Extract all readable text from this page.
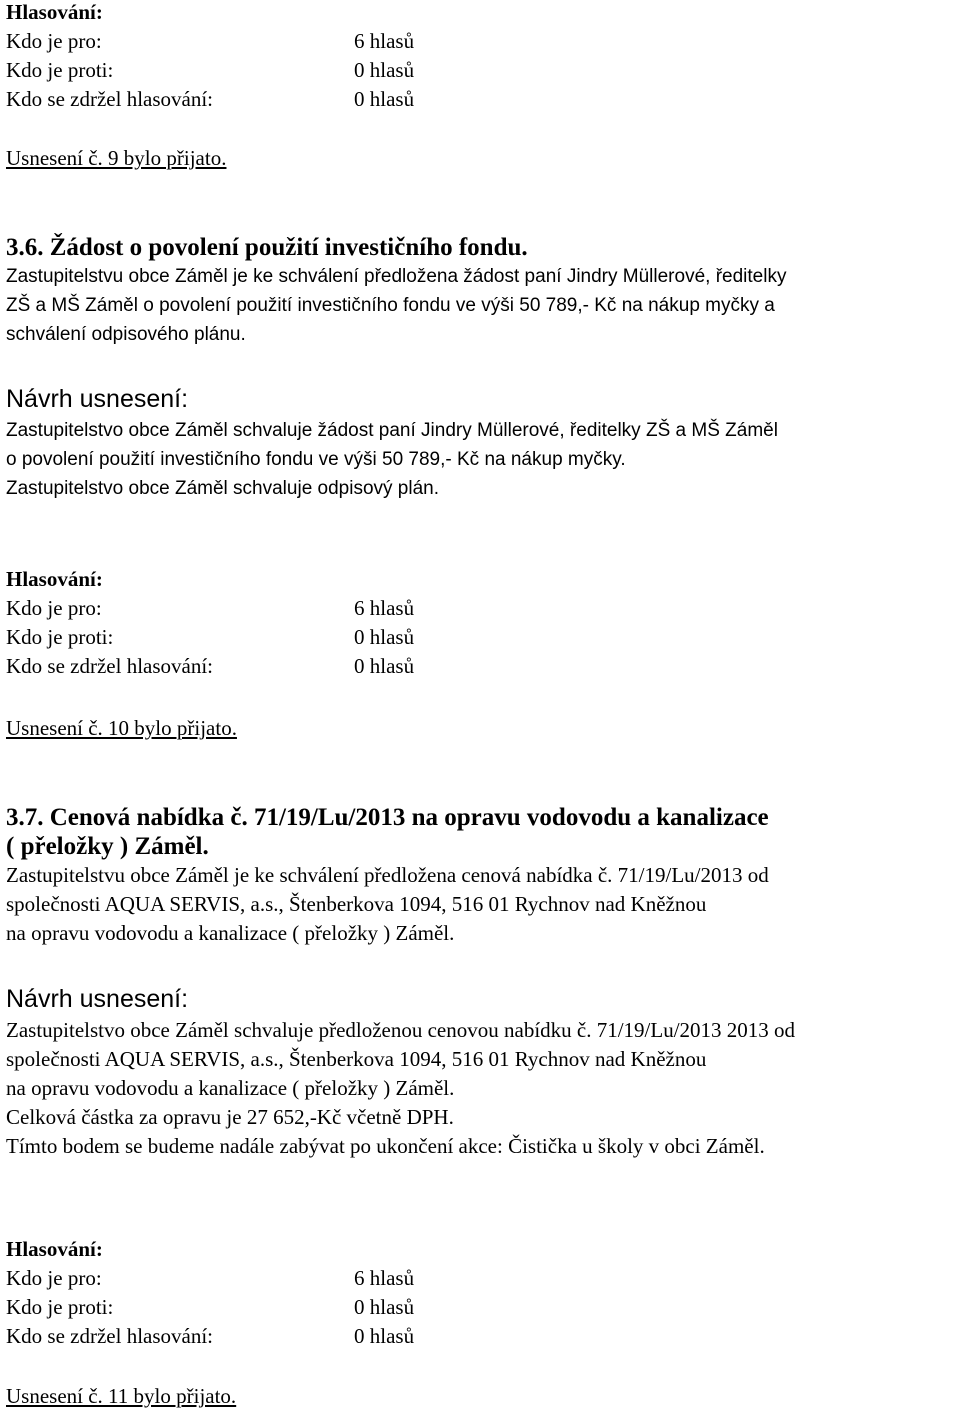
Hlasování:
Kdo je pro:	6 hlasů
Kdo je proti:	0 hlasů
Kdo se zdržel hlasování:	0 hlasů
Usnesení č. 9 bylo přijato.
3.6. Žádost o povolení použití investičního fondu.
Zastupitelstvu obce Záměl je ke schválení předložena žádost paní Jindry Müllerové, ředitelky
ZŠ a MŠ Záměl o povolení použití investičního fondu ve výši 50 789,- Kč na nákup myčky a
schválení odpisového plánu.
Návrh usnesení:
Zastupitelstvo obce Záměl schvaluje žádost paní Jindry Müllerové, ředitelky ZŠ a MŠ Záměl
o povolení použití investičního fondu ve výši 50 789,- Kč na nákup myčky.
Zastupitelstvo obce Záměl schvaluje odpisový plán.
Hlasování:
Kdo je pro:	6 hlasů
Kdo je proti:	0 hlasů
Kdo se zdržel hlasování:	0 hlasů
Usnesení č. 10 bylo přijato.
3.7. Cenová nabídka č. 71/19/Lu/2013 na opravu vodovodu a kanalizace
( přeložky ) Záměl.
Zastupitelstvu obce Záměl je ke schválení předložena cenová nabídka č. 71/19/Lu/2013 od
společnosti AQUA SERVIS, a.s., Štenberkova 1094, 516 01 Rychnov nad Kněžnou
na opravu vodovodu a kanalizace ( přeložky ) Záměl.
Návrh usnesení:
Zastupitelstvo obce Záměl schvaluje předloženou cenovou nabídku č. 71/19/Lu/2013 2013 od
společnosti AQUA SERVIS, a.s., Štenberkova 1094, 516 01 Rychnov nad Kněžnou
na opravu vodovodu a kanalizace ( přeložky ) Záměl.
Celková částka za opravu je 27 652,-Kč včetně DPH.
Tímto bodem se budeme nadále zabývat po ukončení akce: Čistička u školy v obci Záměl.
Hlasování:
Kdo je pro:	6 hlasů
Kdo je proti:	0 hlasů
Kdo se zdržel hlasování:	0 hlasů
Usnesení č. 11 bylo přijato.
